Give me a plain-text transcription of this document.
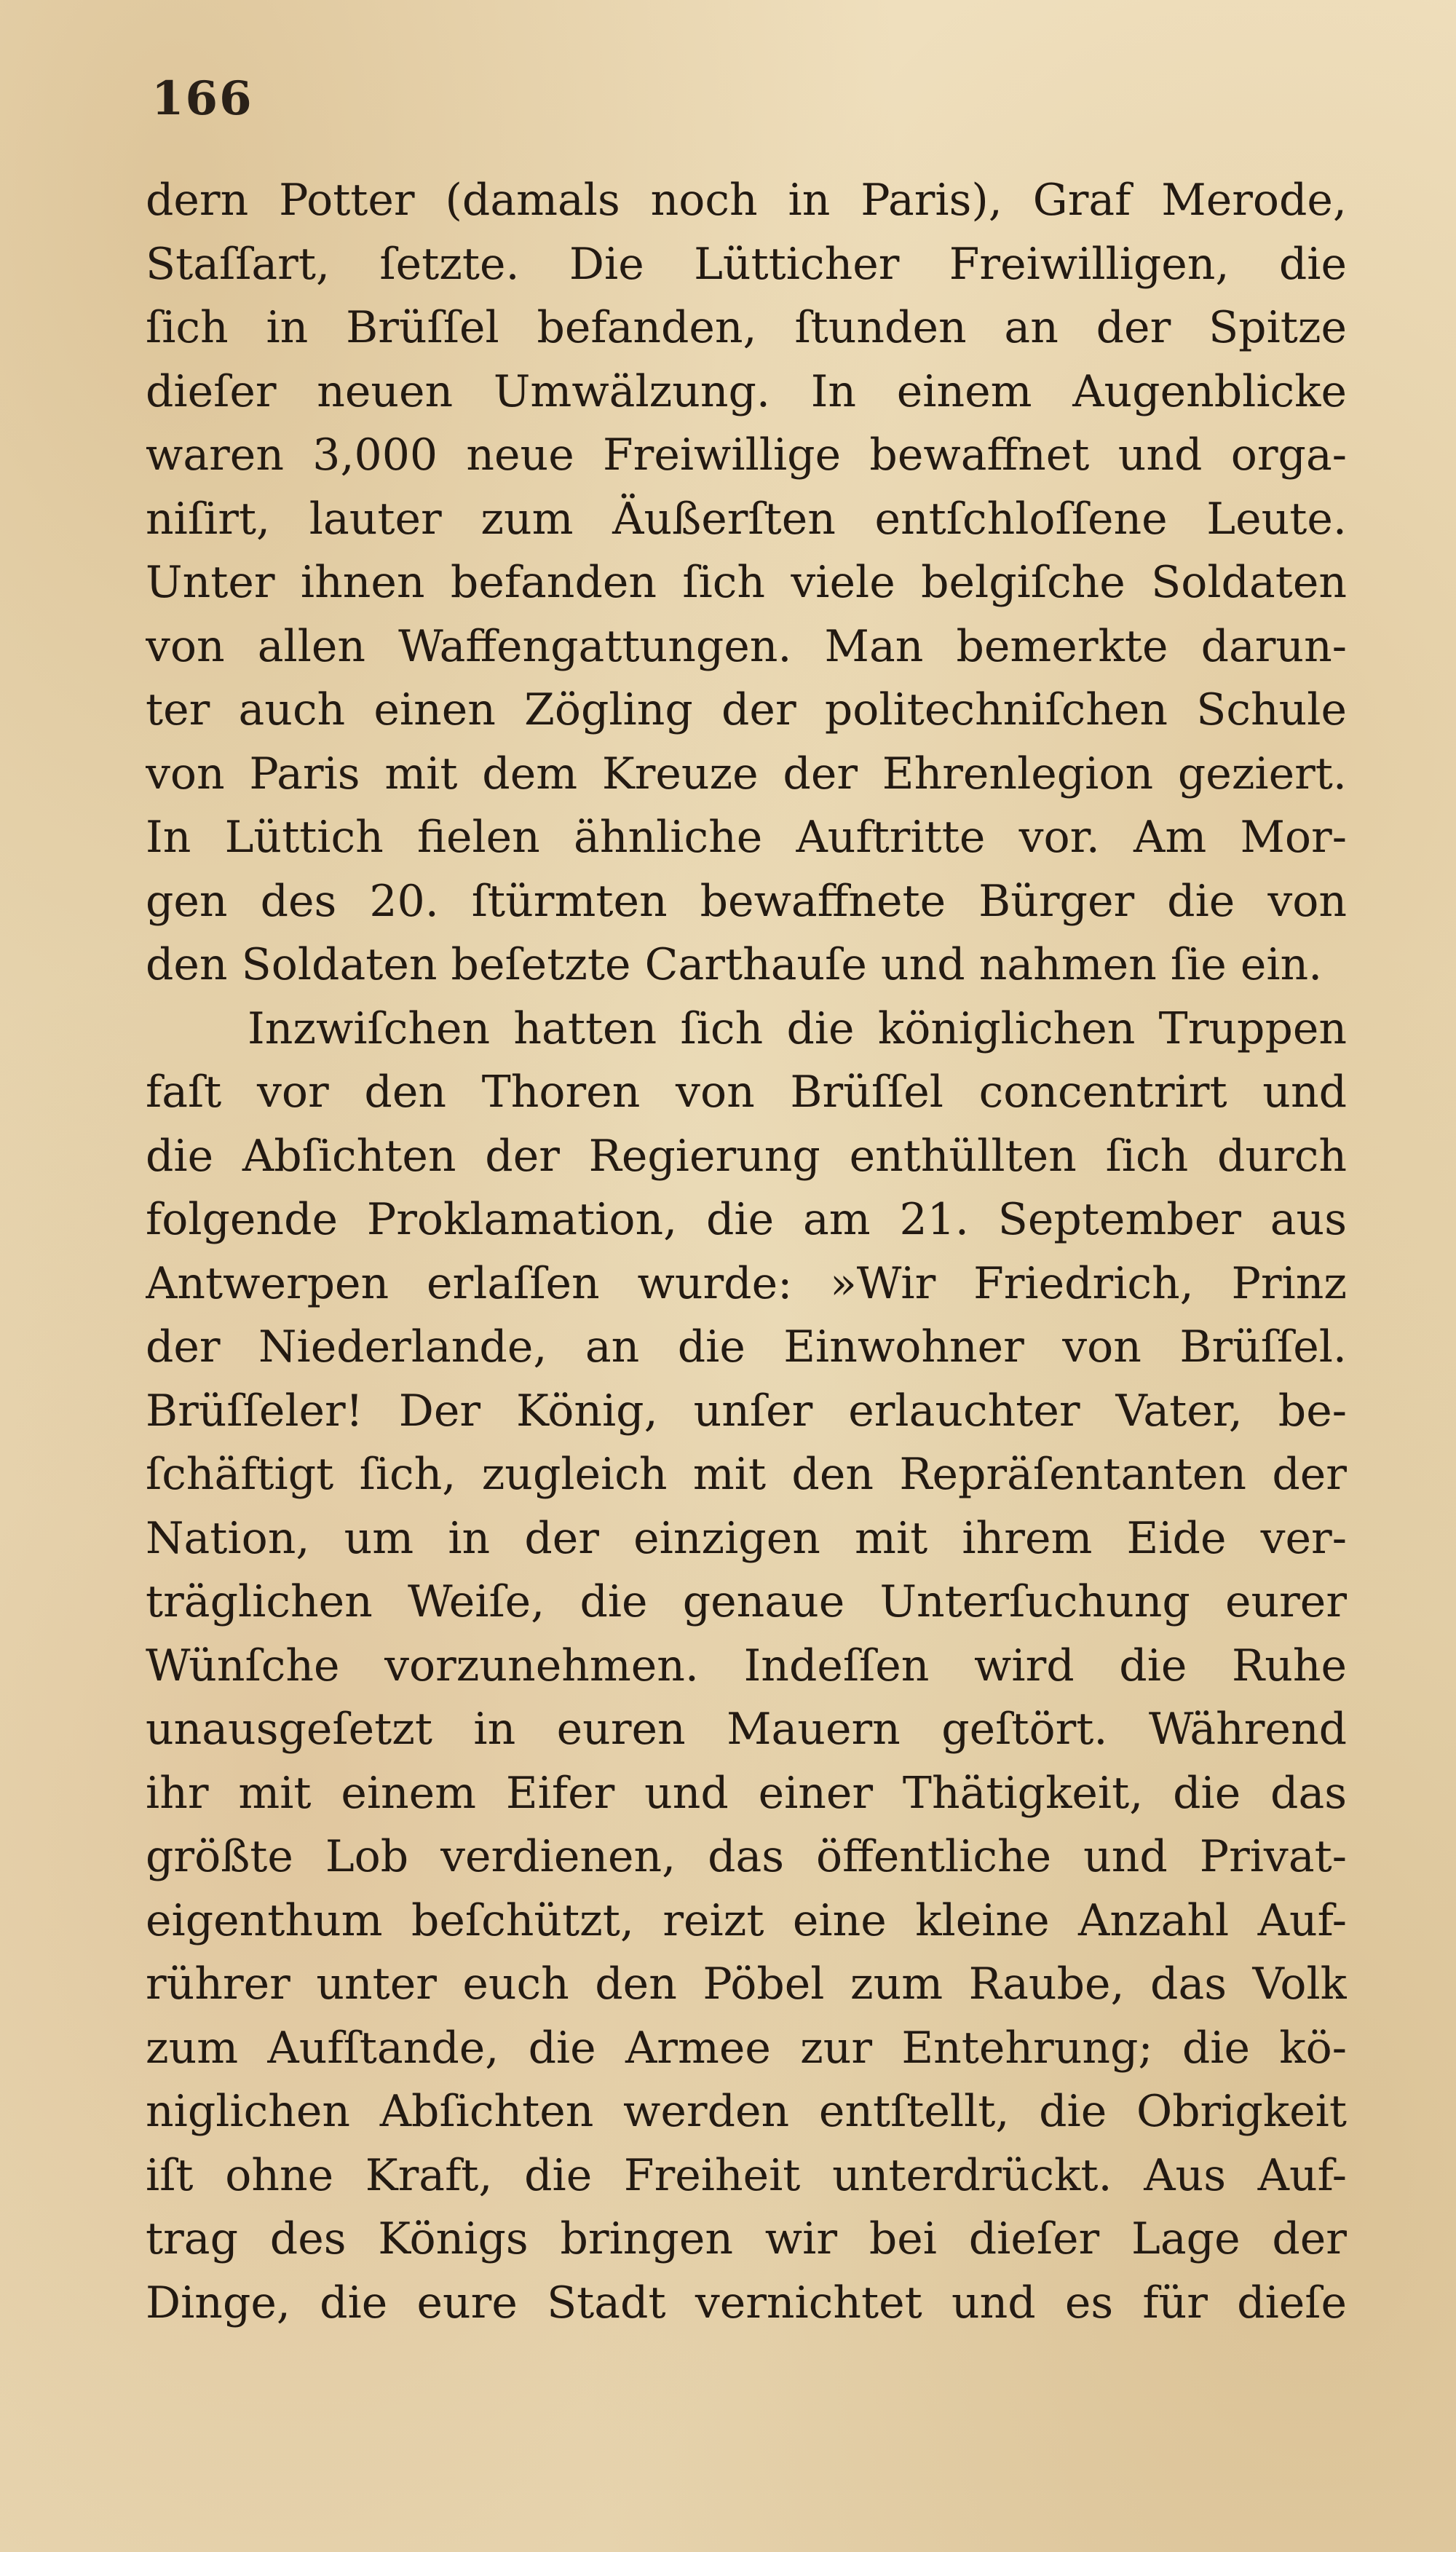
166
dern Potter (damals noch in Paris), Graf Merode,
Staſſart, ſetzte. Die Lütticher Freiwilligen, die
ſich in Brüſſel befanden, ſtunden an der Spitze
dieſer neuen Umwälzung. In einem Augenblicke
waren 3,000 neue Freiwillige bewaffnet und orga-
niſirt, lauter zum Äußerſten entſchloſſene Leute.
Unter ihnen befanden ſich viele belgiſche Soldaten
von allen Waffengattungen. Man bemerkte darun-
ter auch einen Zögling der politechniſchen Schule
von Paris mit dem Kreuze der Ehrenlegion geziert.
In Lüttich fielen ähnliche Auftritte vor. Am Mor-
gen des 20. ſtürmten bewaffnete Bürger die von
den Soldaten beſetzte Carthauſe und nahmen ſie ein.
Inzwiſchen hatten ſich die königlichen Truppen
faſt vor den Thoren von Brüſſel concentrirt und
die Abſichten der Regierung enthüllten ſich durch
folgende Proklamation, die am 21. September aus
Antwerpen erlaſſen wurde: »Wir Friedrich, Prinz
der Niederlande, an die Einwohner von Brüſſel.
Brüſſeler! Der König, unſer erlauchter Vater, be-
ſchäftigt ſich, zugleich mit den Repräſentanten der
Nation, um in der einzigen mit ihrem Eide ver-
träglichen Weiſe, die genaue Unterſuchung eurer
Wünſche vorzunehmen. Indeſſen wird die Ruhe
unausgeſetzt in euren Mauern geſtört. Während
ihr mit einem Eifer und einer Thätigkeit, die das
größte Lob verdienen, das öffentliche und Privat-
eigenthum beſchützt, reizt eine kleine Anzahl Auf-
rührer unter euch den Pöbel zum Raube, das Volk
zum Aufſtande, die Armee zur Entehrung; die kö-
niglichen Abſichten werden entſtellt, die Obrigkeit
iſt ohne Kraft, die Freiheit unterdrückt. Aus Auf-
trag des Königs bringen wir bei dieſer Lage der
Dinge, die eure Stadt vernichtet und es für dieſe
